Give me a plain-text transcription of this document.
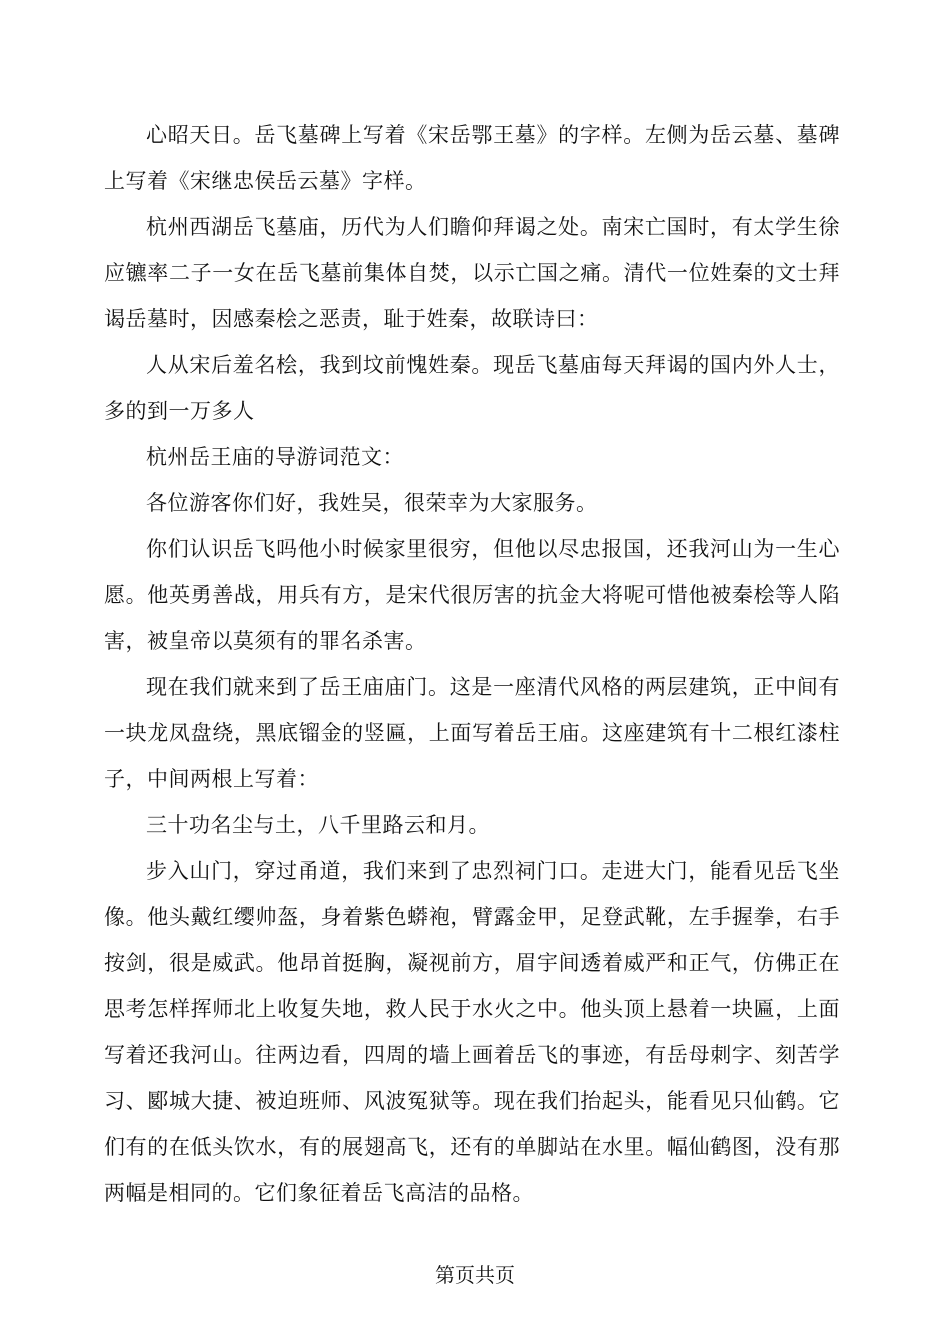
心昭天日。岳飞墓碑上写着《宋岳鄂王墓》的字样。左侧为岳云墓、墓碑上写着《宋继忠侯岳云墓》字样。

杭州西湖岳飞墓庙，历代为人们瞻仰拜谒之处。南宋亡国时，有太学生徐应镳率二子一女在岳飞墓前集体自焚，以示亡国之痛。清代一位姓秦的文士拜谒岳墓时，因感秦桧之恶责，耻于姓秦，故联诗曰：

人从宋后羞名桧，我到坟前愧姓秦。现岳飞墓庙每天拜谒的国内外人士，多的到一万多人

杭州岳王庙的导游词范文：

各位游客你们好，我姓吴，很荣幸为大家服务。

你们认识岳飞吗他小时候家里很穷，但他以尽忠报国，还我河山为一生心愿。他英勇善战，用兵有方，是宋代很厉害的抗金大将呢可惜他被秦桧等人陷害，被皇帝以莫须有的罪名杀害。

现在我们就来到了岳王庙庙门。这是一座清代风格的两层建筑，正中间有一块龙凤盘绕，黑底镏金的竖匾，上面写着岳王庙。这座建筑有十二根红漆柱子，中间两根上写着：

三十功名尘与土，八千里路云和月。

步入山门，穿过甬道，我们来到了忠烈祠门口。走进大门，能看见岳飞坐像。他头戴红缨帅盔，身着紫色蟒袍，臂露金甲，足登武靴，左手握拳，右手按剑，很是威武。他昂首挺胸，凝视前方，眉宇间透着威严和正气，仿佛正在思考怎样挥师北上收复失地，救人民于水火之中。他头顶上悬着一块匾，上面写着还我河山。往两边看，四周的墙上画着岳飞的事迹，有岳母刺字、刻苦学习、郾城大捷、被迫班师、风波冤狱等。现在我们抬起头，能看见只仙鹤。它们有的在低头饮水，有的展翅高飞，还有的单脚站在水里。幅仙鹤图，没有那两幅是相同的。它们象征着岳飞高洁的品格。

第页共页
